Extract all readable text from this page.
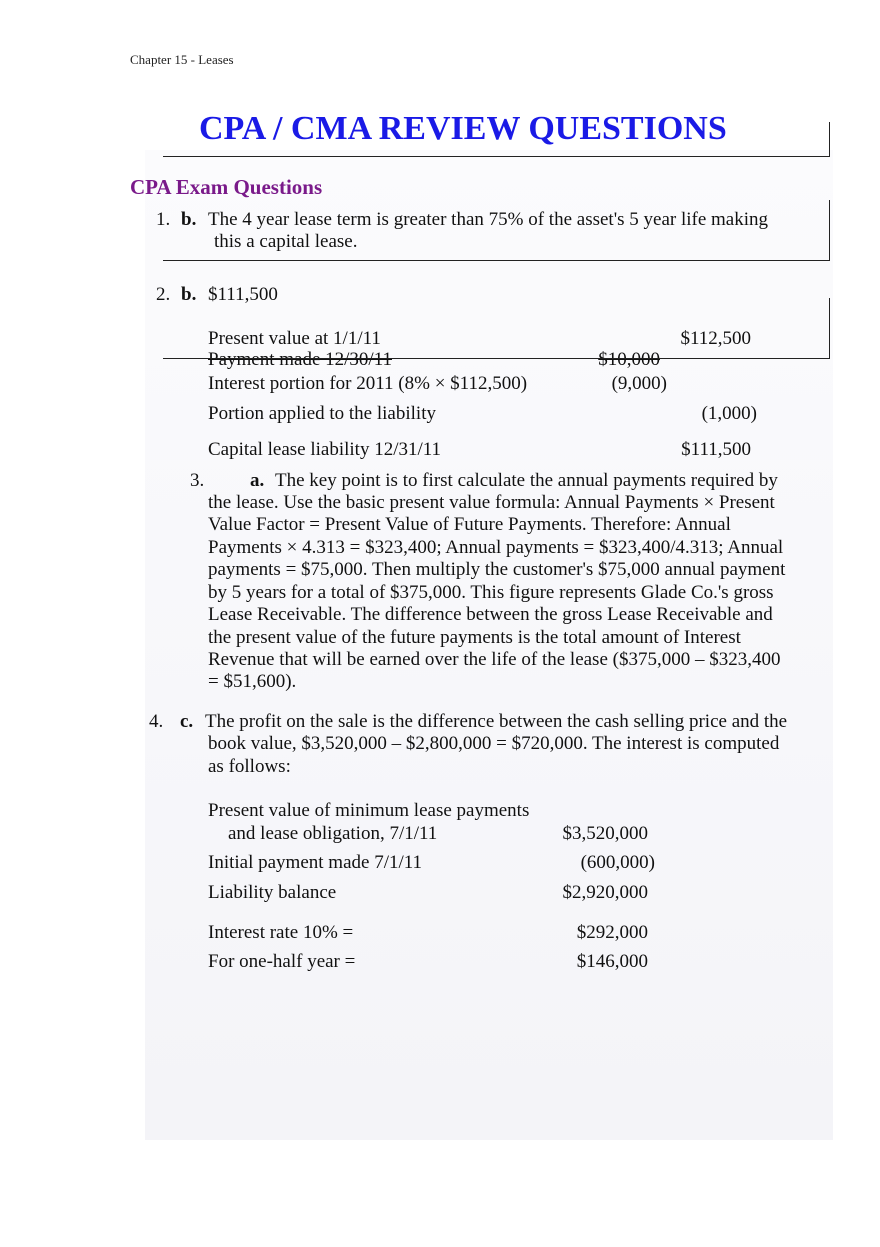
Chapter 15 - Leases
CPA / CMA REVIEW QUESTIONS
CPA Exam Questions
1. b. The 4 year lease term is greater than 75% of the asset's 5 year life making
this a capital lease.
2. b. $111,500
Present value at 1/1/11	$112,500
Payment made 12/30/11	$10,000
Interest portion for 2011 (8% × $112,500)	(9,000)
Portion applied to the liability	(1,000)
Capital lease liability 12/31/11	$111,500
3. a. The key point is to first calculate the annual payments required by
the lease. Use the basic present value formula: Annual Payments × Present
Value Factor = Present Value of Future Payments. Therefore: Annual
Payments × 4.313 = $323,400; Annual payments = $323,400/4.313; Annual
payments = $75,000. Then multiply the customer's $75,000 annual payment
by 5 years for a total of $375,000. This figure represents Glade Co.'s gross
Lease Receivable. The difference between the gross Lease Receivable and
the present value of the future payments is the total amount of Interest
Revenue that will be earned over the life of the lease ($375,000 – $323,400
= $51,600).
4. c. The profit on the sale is the difference between the cash selling price and the
book value, $3,520,000 – $2,800,000 = $720,000. The interest is computed
as follows:
Present value of minimum lease payments
and lease obligation, 7/1/11	$3,520,000
Initial payment made 7/1/11	(600,000)
Liability balance	$2,920,000
Interest rate 10% =	$292,000
For one-half year =	$146,000
